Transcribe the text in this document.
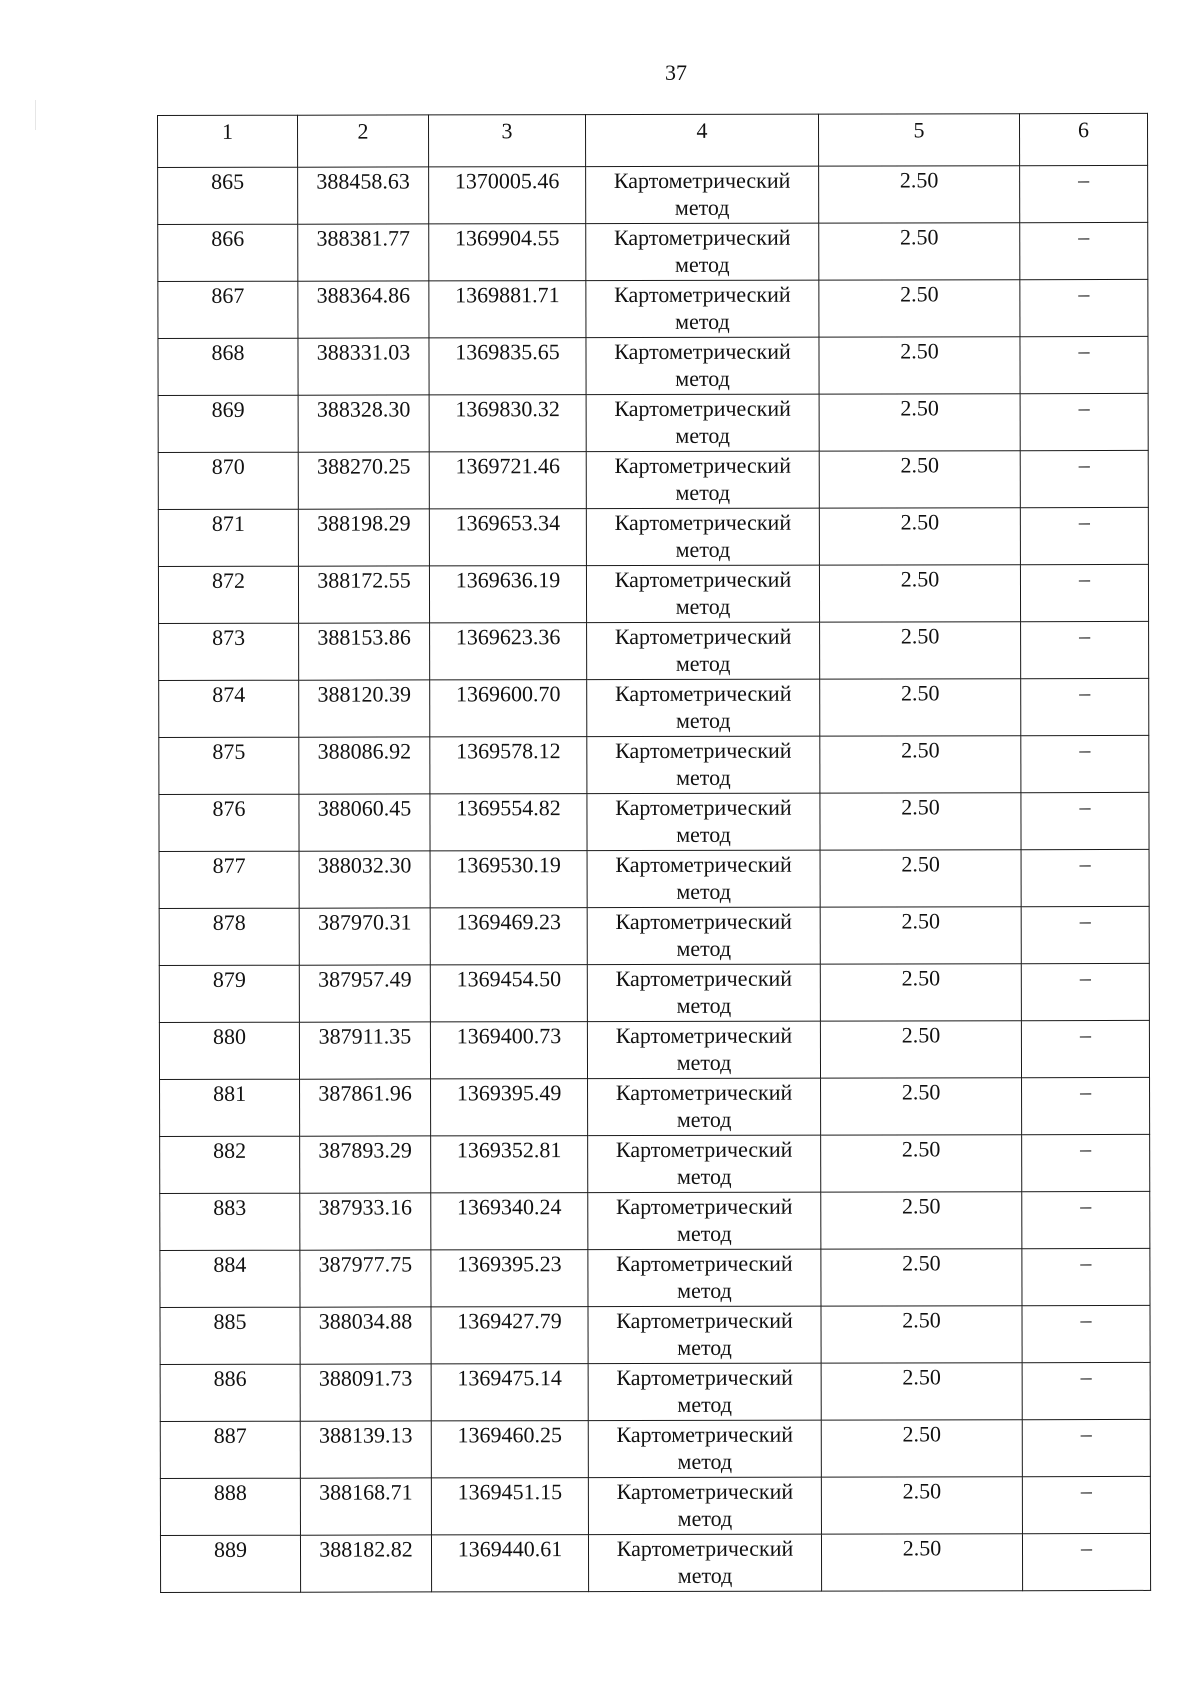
37
1	2	3	4	5	6
865	388458.63	1370005.46	Картометрический метод	2.50	–
866	388381.77	1369904.55	Картометрический метод	2.50	–
867	388364.86	1369881.71	Картометрический метод	2.50	–
868	388331.03	1369835.65	Картометрический метод	2.50	–
869	388328.30	1369830.32	Картометрический метод	2.50	–
870	388270.25	1369721.46	Картометрический метод	2.50	–
871	388198.29	1369653.34	Картометрический метод	2.50	–
872	388172.55	1369636.19	Картометрический метод	2.50	–
873	388153.86	1369623.36	Картометрический метод	2.50	–
874	388120.39	1369600.70	Картометрический метод	2.50	–
875	388086.92	1369578.12	Картометрический метод	2.50	–
876	388060.45	1369554.82	Картометрический метод	2.50	–
877	388032.30	1369530.19	Картометрический метод	2.50	–
878	387970.31	1369469.23	Картометрический метод	2.50	–
879	387957.49	1369454.50	Картометрический метод	2.50	–
880	387911.35	1369400.73	Картометрический метод	2.50	–
881	387861.96	1369395.49	Картометрический метод	2.50	–
882	387893.29	1369352.81	Картометрический метод	2.50	–
883	387933.16	1369340.24	Картометрический метод	2.50	–
884	387977.75	1369395.23	Картометрический метод	2.50	–
885	388034.88	1369427.79	Картометрический метод	2.50	–
886	388091.73	1369475.14	Картометрический метод	2.50	–
887	388139.13	1369460.25	Картометрический метод	2.50	–
888	388168.71	1369451.15	Картометрический метод	2.50	–
889	388182.82	1369440.61	Картометрический метод	2.50	–
